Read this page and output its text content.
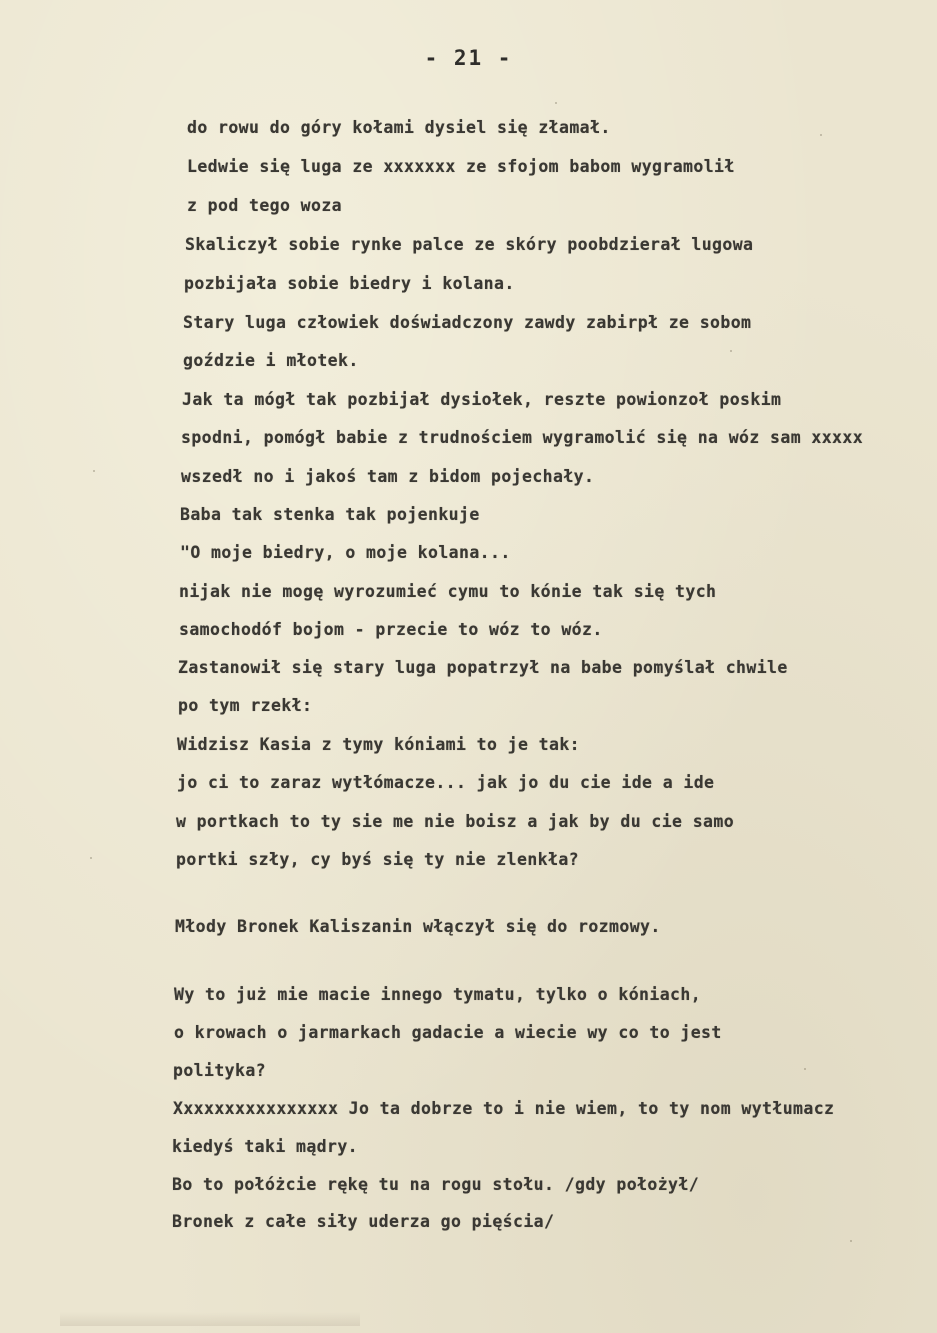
- 21 -
do rowu do góry kołami dysiel się złamał.
Ledwie się luga ze xxxxxxx ze sfojom babom wygramolił
z pod tego woza
Skaliczył sobie rynke palce ze skóry poobdzierał lugowa
pozbijała sobie biedry i kolana.
Stary luga człowiek doświadczony zawdy zabirpł ze sobom
goździe i młotek.
Jak ta mógł tak pozbijał dysiołek, reszte powionzoł poskim
spodni, pomógł babie z trudnościem wygramolić się na wóz sam xxxxx
wszedł no i jakoś tam z bidom pojechały.
Baba tak stenka tak pojenkuje
"O moje biedry, o moje kolana...
nijak nie mogę wyrozumieć cymu to kónie tak się tych
samochodóf bojom - przecie to wóz to wóz.
Zastanowił się stary luga popatrzył na babe pomyślał chwile
po tym rzekł:
Widzisz Kasia z tymy kóniami to je tak:
jo ci to zaraz wytłómacze... jak jo du cie ide a ide
w portkach to ty sie me nie boisz a jak by du cie samo
portki szły, cy byś się ty nie zlenkła?
Młody Bronek Kaliszanin włączył się do rozmowy.
Wy to już mie macie innego tymatu, tylko o kóniach,
o krowach o jarmarkach gadacie a wiecie wy co to jest
polityka?
Xxxxxxxxxxxxxxxx Jo ta dobrze to i nie wiem, to ty nom wytłumacz
kiedyś taki mądry.
Bo to połóżcie rękę tu na rogu stołu. /gdy położył/
Bronek z całe siły uderza go pięścia/
